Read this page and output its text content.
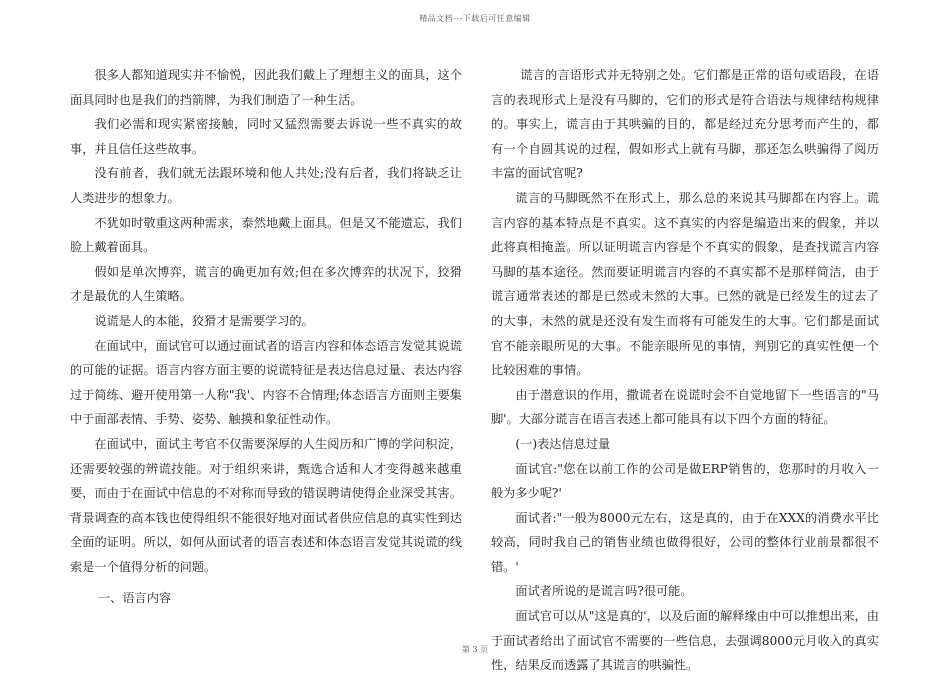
精品文档---下载后可任意编辑

很多人都知道现实并不愉悦，因此我们戴上了理想主义的面具，这个面具同时也是我们的挡箭牌，为我们制造了一种生活。

我们必需和现实紧密接触，同时又猛烈需要去诉说一些不真实的故事，并且信任这些故事。

没有前者，我们就无法跟环境和他人共处;没有后者，我们将缺乏让人类进步的想象力。

不犹如时敬重这两种需求，泰然地戴上面具。但是又不能遗忘，我们脸上戴着面具。

假如是单次博弈，谎言的确更加有效;但在多次博弈的状况下，狡猾才是最优的人生策略。

说谎是人的本能，狡猾才是需要学习的。

在面试中，面试官可以通过面试者的语言内容和体态语言发觉其说谎的可能的证据。语言内容方面主要的说谎特征是表达信息过量、表达内容过于简练、避开使用第一人称"我'、内容不合情理;体态语言方面则主要集中于面部表情、手势、姿势、触摸和象征性动作。

在面试中，面试主考官不仅需要深厚的人生阅历和广博的学问积淀，还需要较强的辨谎技能。对于组织来讲，甄选合适和人才变得越来越重要，而由于在面试中信息的不对称而导致的错误聘请使得企业深受其害。背景调查的高本钱也使得组织不能很好地对面试者供应信息的真实性到达全面的证明。所以，如何从面试者的语言表述和体态语言发觉其说谎的线索是一个值得分析的问题。

一、语言内容

谎言的言语形式并无特别之处。它们都是正常的语句或语段，在语言的表现形式上是没有马脚的，它们的形式是符合语法与规律结构规律的。事实上，谎言由于其哄骗的目的，都是经过充分思考而产生的，都有一个自圆其说的过程，假如形式上就有马脚，那还怎么哄骗得了阅历丰富的面试官呢?

谎言的马脚既然不在形式上，那么总的来说其马脚都在内容上。谎言内容的基本特点是不真实。这不真实的内容是编造出来的假象，并以此将真相掩盖。所以证明谎言内容是个不真实的假象，是查找谎言内容马脚的基本途径。然而要证明谎言内容的不真实都不是那样简洁，由于谎言通常表述的都是已然或未然的大事。已然的就是已经发生的过去了的大事，未然的就是还没有发生而将有可能发生的大事。它们都是面试官不能亲眼所见的大事。不能亲眼所见的事情，判别它的真实性便一个比较困难的事情。

由于潜意识的作用，撒谎者在说谎时会不自觉地留下一些语言的"马脚'。大部分谎言在语言表述上都可能具有以下四个方面的特征。

(一)表达信息过量

面试官:"您在以前工作的公司是做ERP销售的，您那时的月收入一般为多少呢?'

面试者:"一般为8000元左右，这是真的，由于在XXX的消费水平比较高，同时我自己的销售业绩也做得很好，公司的整体行业前景都很不错。'

面试者所说的是谎言吗?很可能。

面试官可以从"这是真的'，以及后面的解释缘由中可以推想出来，由于面试者给出了面试官不需要的一些信息，去强调8000元月收入的真实性，结果反而透露了其谎言的哄骗性。

第 3 页
